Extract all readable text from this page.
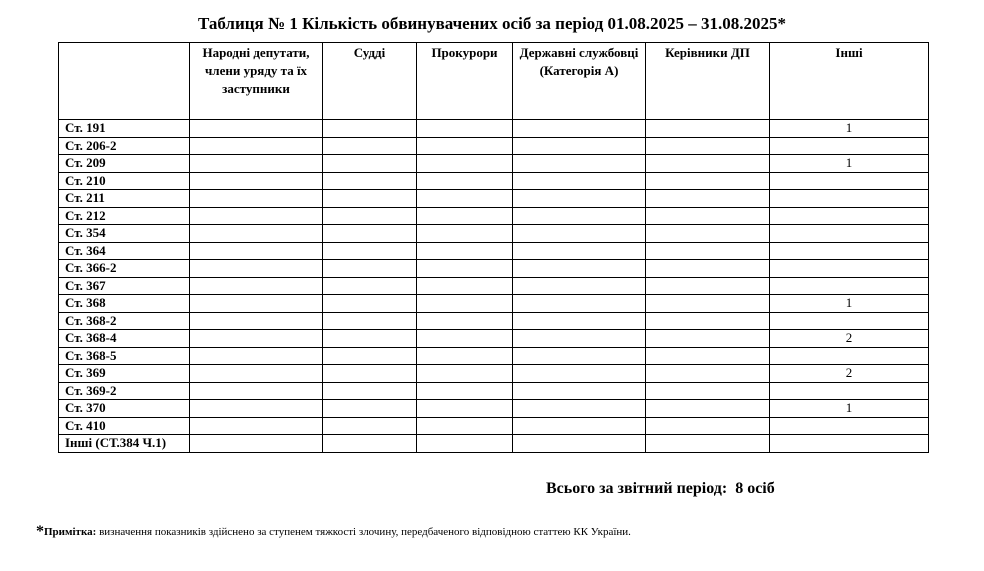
Таблиця № 1 Кількість обвинувачених осіб за період 01.08.2025 – 31.08.2025*
	Народні депутати, члени уряду та їх заступники	Судді	Прокурори	Державні службовці (Категорія А)	Керівники ДП	Інші
Ст. 191						1
Ст. 206-2						
Ст. 209						1
Ст. 210						
Ст. 211						
Ст. 212						
Ст. 354						
Ст. 364						
Ст. 366-2						
Ст. 367						
Ст. 368						1
Ст. 368-2						
Ст. 368-4						2
Ст. 368-5						
Ст. 369						2
Ст. 369-2						
Ст. 370						1
Ст. 410						
Інші (СТ.384 Ч.1)						
Всього за звітний період: 8 осіб
*Примітка: визначення показників здійснено за ступенем тяжкості злочину, передбаченого відповідною статтею КК України.
